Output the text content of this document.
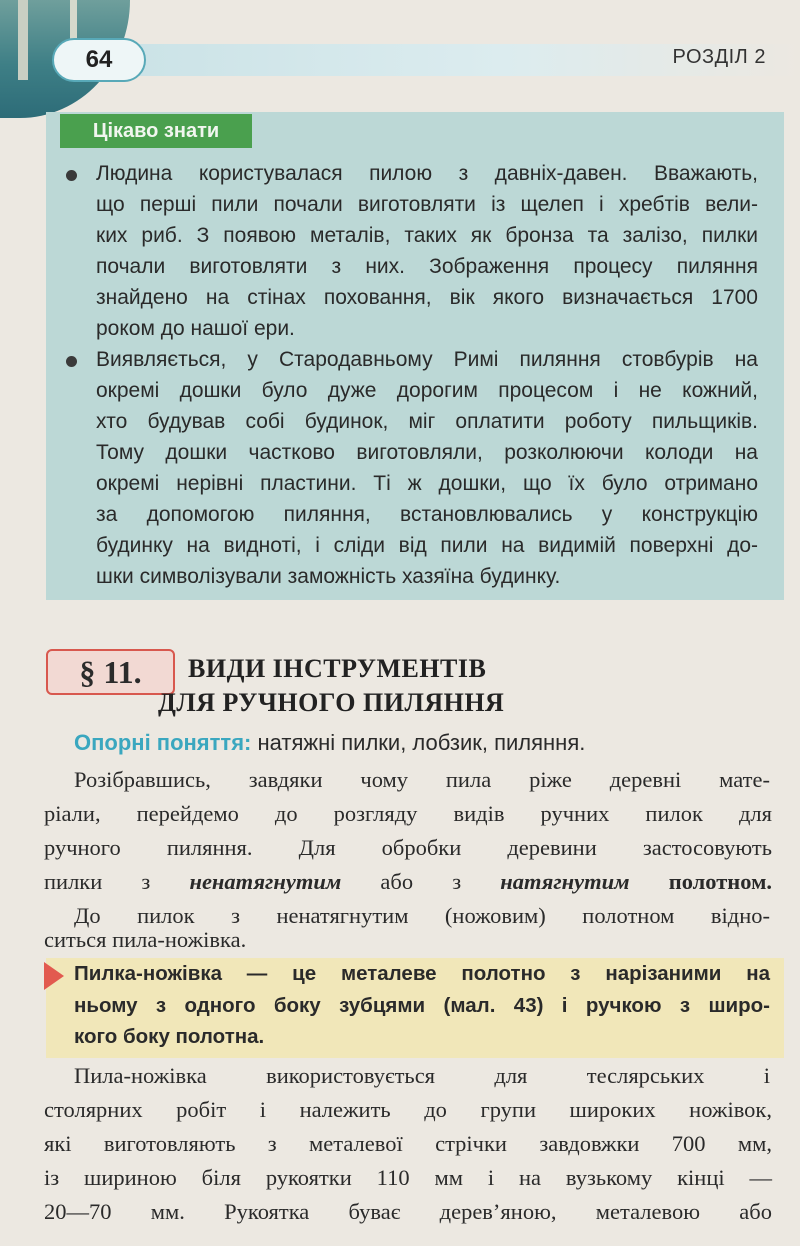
64	РОЗДІЛ 2
Цікаво знати
Людина користувалася пилою з давніх-давен. Вважають,
що перші пили почали виготовляти із щелеп і хребтів вели-
ких риб. З появою металів, таких як бронза та залізо, пилки
почали виготовляти з них. Зображення процесу пиляння
знайдено на стінах поховання, вік якого визначається 1700
роком до нашої ери.
Виявляється, у Стародавньому Римі пиляння стовбурів на
окремі дошки було дуже дорогим процесом і не кожний,
хто будував собі будинок, міг оплатити роботу пильщиків.
Тому дошки частково виготовляли, розколюючи колоди на
окремі нерівні пластини. Ті ж дошки, що їх було отримано
за допомогою пиляння, встановлювались у конструкцію
будинку на видноті, і сліди від пили на видимій поверхні до-
шки символізували заможність хазяїна будинку.
§ 11.	ВИДИ ІНСТРУМЕНТІВ
ДЛЯ РУЧНОГО ПИЛЯННЯ
Опорні поняття: натяжні пилки, лобзик, пиляння.
Розібравшись, завдяки чому пила ріже деревні мате-
ріали, перейдемо до розгляду видів ручних пилок для
ручного пиляння. Для обробки деревини застосовують
пилки з ненатягнутим або з натягнутим полотном.
До пилок з ненатягнутим (ножовим) полотном відно-
ситься пила-ножівка.
Пилка-ножівка — це металеве полотно з нарізаними на
ньому з одного боку зубцями (мал. 43) і ручкою з широ-
кого боку полотна.
Пила-ножівка використовується для теслярських і
столярних робіт і належить до групи широких ножівок,
які виготовляють з металевої стрічки завдовжки 700 мм,
із шириною біля рукоятки 110 мм і на вузькому кінці —
20—70 мм. Рукоятка буває дерев’яною, металевою або
